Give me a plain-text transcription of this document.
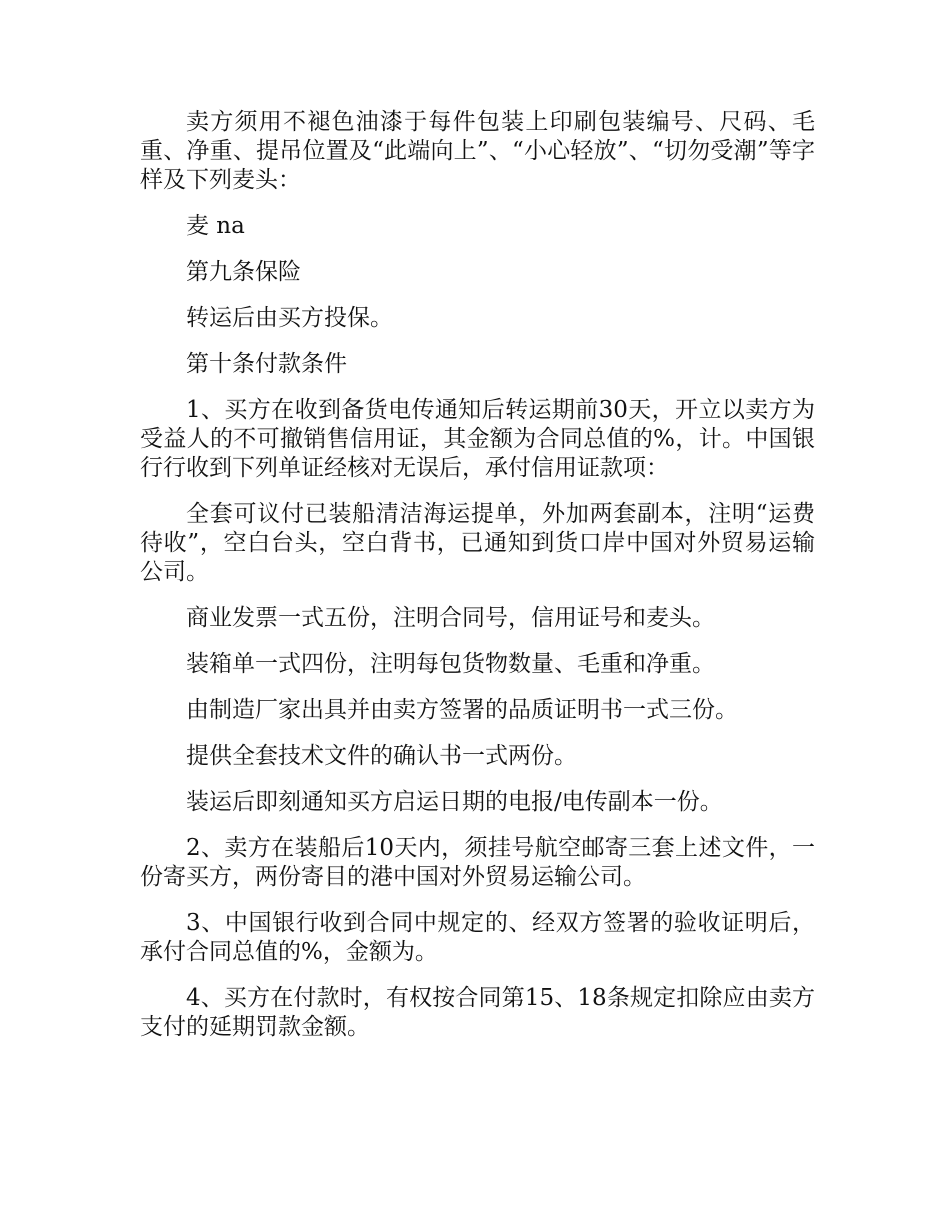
卖方须用不褪色油漆于每件包装上印刷包装编号、尺码、毛重、净重、提吊位置及“此端向上”、“小心轻放”、“切勿受潮”等字样及下列麦头：

麦 na

第九条保险

转运后由买方投保。

第十条付款条件

1、买方在收到备货电传通知后转运期前30天，开立以卖方为受益人的不可撤销售信用证，其金额为合同总值的%，计。中国银行行收到下列单证经核对无误后，承付信用证款项：

全套可议付已装船清洁海运提单，外加两套副本，注明“运费待收”，空白台头，空白背书，已通知到货口岸中国对外贸易运输公司。

商业发票一式五份，注明合同号，信用证号和麦头。

装箱单一式四份，注明每包货物数量、毛重和净重。

由制造厂家出具并由卖方签署的品质证明书一式三份。

提供全套技术文件的确认书一式两份。

装运后即刻通知买方启运日期的电报/电传副本一份。

2、卖方在装船后10天内，须挂号航空邮寄三套上述文件，一份寄买方，两份寄目的港中国对外贸易运输公司。

3、中国银行收到合同中规定的、经双方签署的验收证明后，承付合同总值的%，金额为。

4、买方在付款时，有权按合同第15、18条规定扣除应由卖方支付的延期罚款金额。
